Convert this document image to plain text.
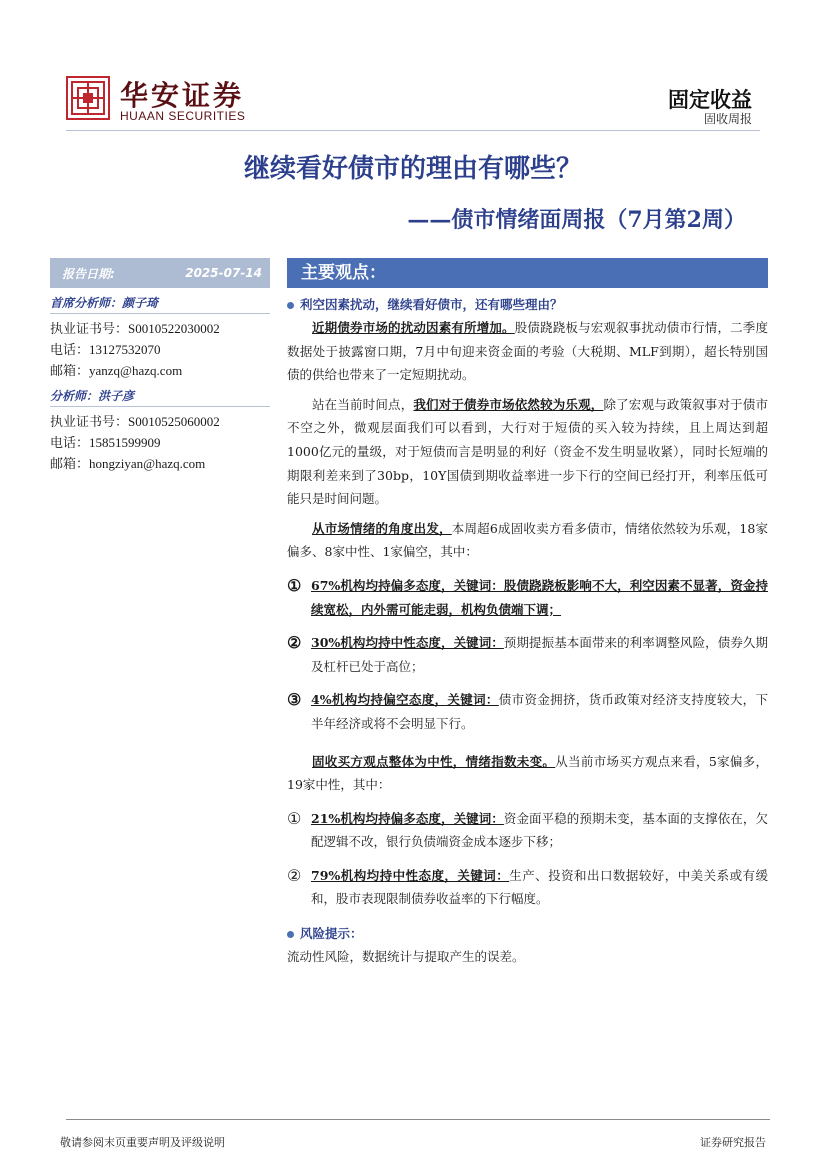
华安证券
HUAAN SECURITIES
固定收益
固收周报
继续看好债市的理由有哪些？
——债市情绪面周报（7月第2周）
报告日期:	2025-07-14
首席分析师：颜子琦
执业证书号：S0010522030002
电话：13127532070
邮箱：yanzq@hazq.com
分析师：洪子彦
执业证书号：S0010525060002
电话：15851599909
邮箱：hongziyan@hazq.com
主要观点：
利空因素扰动，继续看好债市，还有哪些理由？

近期债券市场的扰动因素有所增加。股债跷跷板与宏观叙事扰动债市行情，二季度数据处于披露窗口期，7月中旬迎来资金面的考验（大税期、MLF到期），超长特别国债的供给也带来了一定短期扰动。

站在当前时间点，我们对于债券市场依然较为乐观，除了宏观与政策叙事对于债市不空之外，微观层面我们可以看到，大行对于短债的买入较为持续，且上周达到超1000亿元的量级，对于短债而言是明显的利好（资金不发生明显收紧），同时长短端的期限利差来到了30bp，10Y国债到期收益率进一步下行的空间已经打开，利率压低可能只是时间问题。

从市场情绪的角度出发，本周超6成固收卖方看多债市，情绪依然较为乐观，18家偏多、8家中性、1家偏空，其中：

① 67%机构均持偏多态度，关键词：股债跷跷板影响不大，利空因素不显著，资金持续宽松，内外需可能走弱，机构负债端下调；
② 30%机构均持中性态度，关键词：预期提振基本面带来的利率调整风险，债券久期及杠杆已处于高位；
③ 4%机构均持偏空态度，关键词：债市资金拥挤，货币政策对经济支持度较大，下半年经济或将不会明显下行。

固收买方观点整体为中性，情绪指数未变。从当前市场买方观点来看，5家偏多，19家中性，其中：

① 21%机构均持偏多态度，关键词：资金面平稳的预期未变，基本面的支撑依在，欠配逻辑不改，银行负债端资金成本逐步下移；
② 79%机构均持中性态度，关键词：生产、投资和出口数据较好，中美关系或有缓和，股市表现限制债券收益率的下行幅度。
风险提示：

流动性风险，数据统计与提取产生的误差。

敬请参阅末页重要声明及评级说明	证券研究报告
